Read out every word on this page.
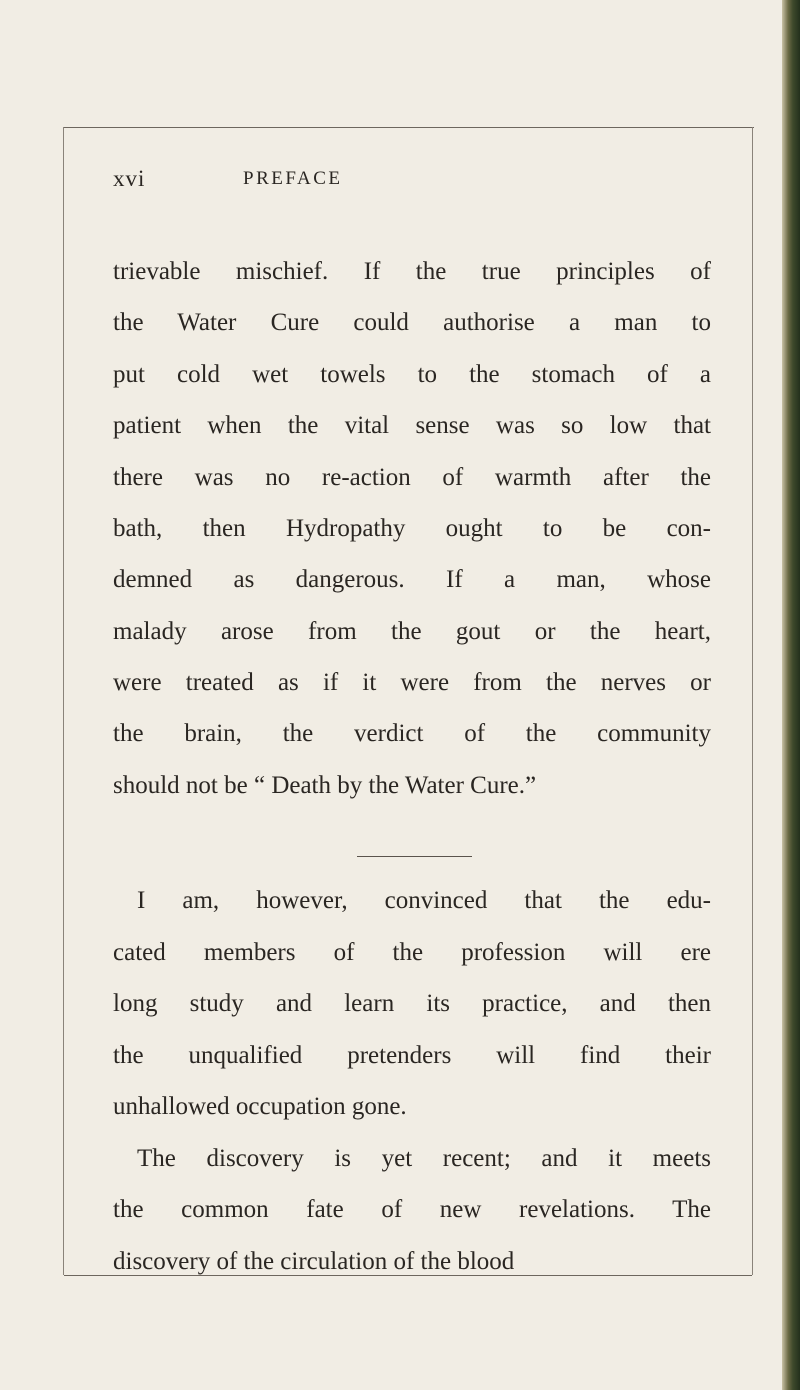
xvi	PREFACE
trievable mischief. If the true principles of
the Water Cure could authorise a man to
put cold wet towels to the stomach of a
patient when the vital sense was so low that
there was no re-action of warmth after the
bath, then Hydropathy ought to be con-
demned as dangerous. If a man, whose
malady arose from the gout or the heart,
were treated as if it were from the nerves or
the brain, the verdict of the community
should not be “ Death by the Water Cure.”
I am, however, convinced that the edu-
cated members of the profession will ere
long study and learn its practice, and then
the unqualified pretenders will find their
unhallowed occupation gone.
The discovery is yet recent; and it meets
the common fate of new revelations. The
discovery of the circulation of the blood
